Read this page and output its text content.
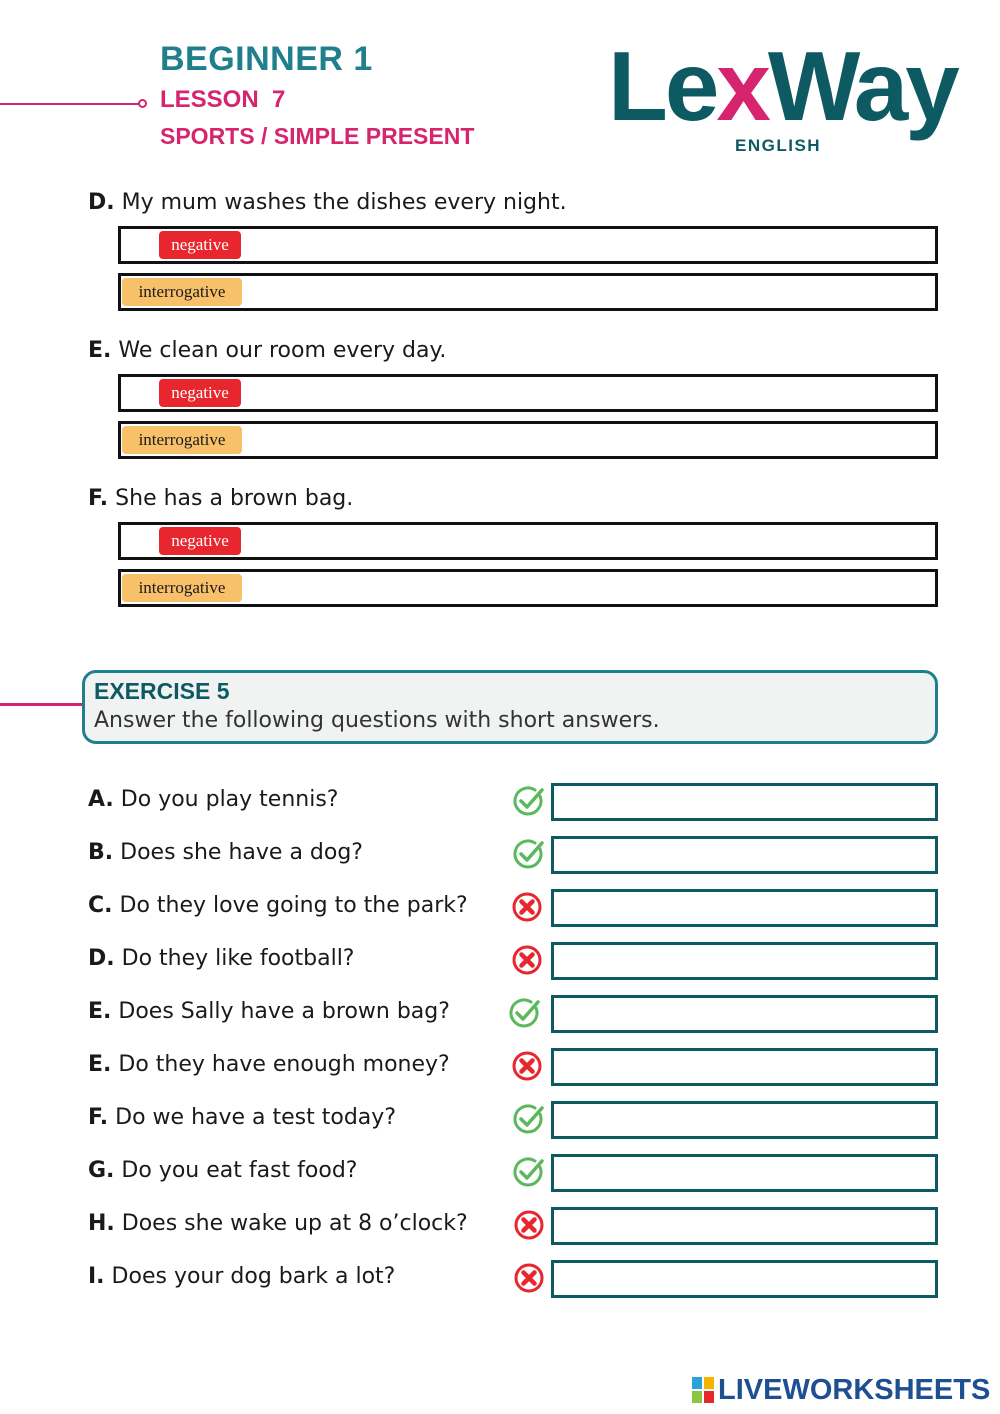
BEGINNER 1
LESSON  7
SPORTS / SIMPLE PRESENT LexWay
ENGLISH
D. My mum washes the dishes every night.
negative
interrogative
E. We clean our room every day.
negative
interrogative
F. She has a brown bag.
negative
interrogative
EXERCISE 5
Answer the following questions with short answers.
A. Do you play tennis?
B. Does she have a dog?
C. Do they love going to the park?
D. Do they like football?
E. Does Sally have a brown bag?
E. Do they have enough money?
F. Do we have a test today?
G. Do you eat fast food?
H. Does she wake up at 8 o’clock?
I. Does your dog bark a lot?
LIVEWORKSHEETS
